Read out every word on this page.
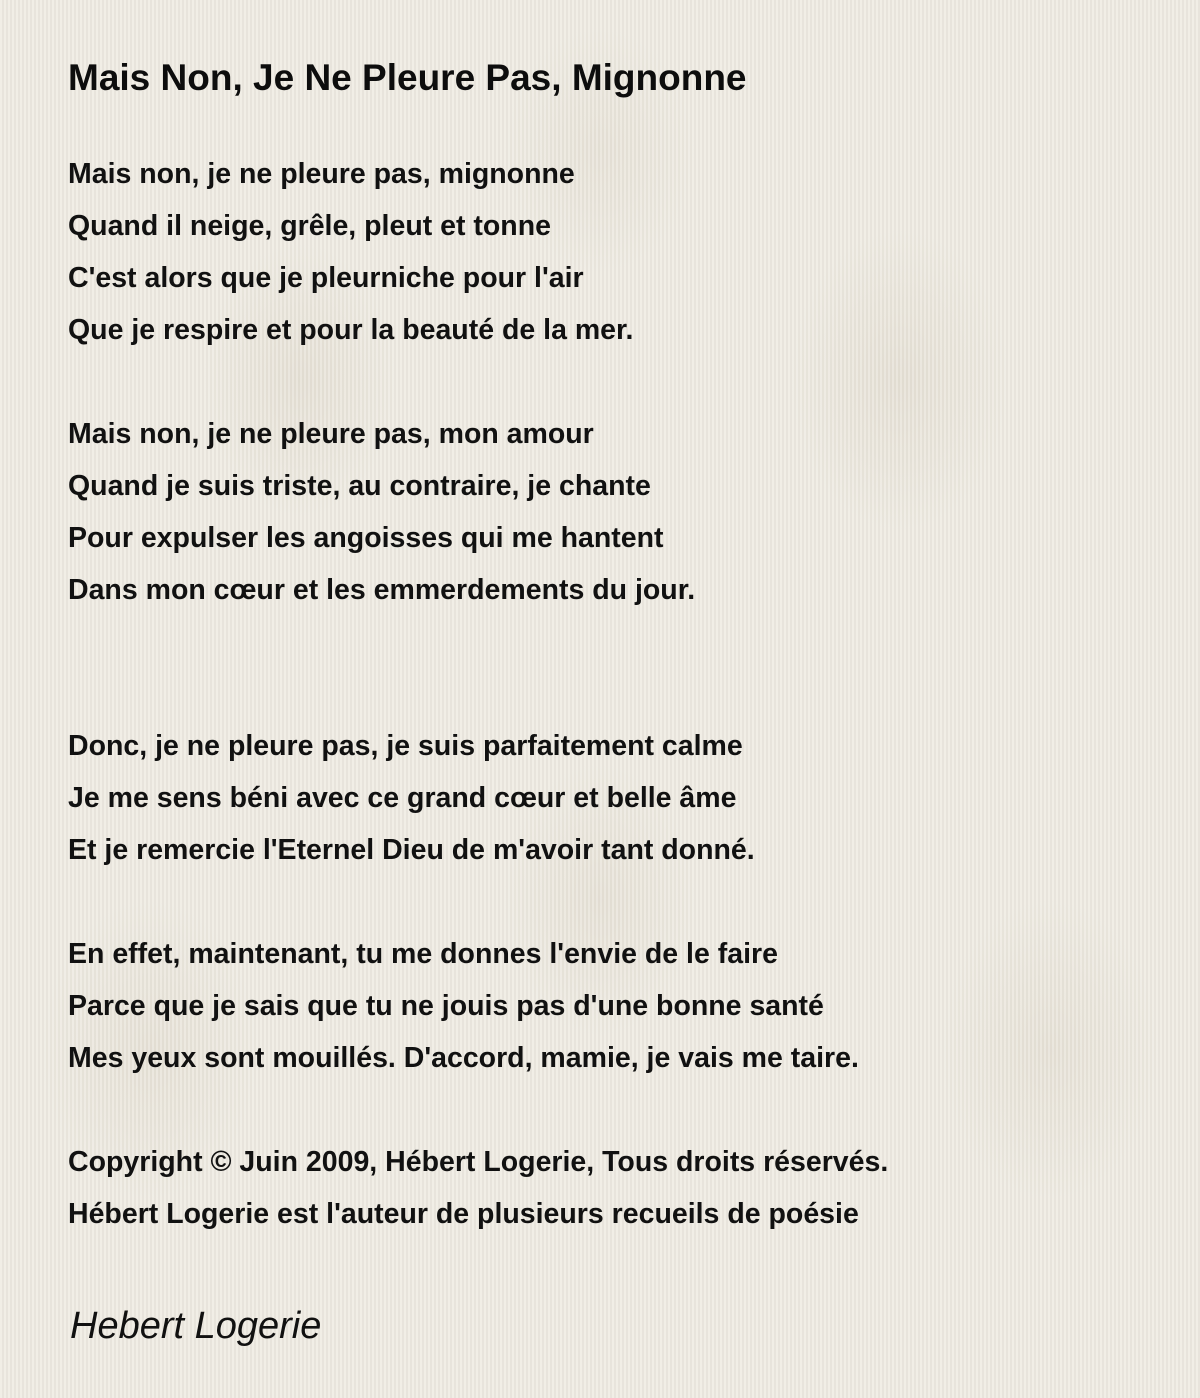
Mais Non, Je Ne Pleure Pas, Mignonne
Mais non, je ne pleure pas, mignonne
Quand il neige, grêle, pleut et tonne
C'est alors que je pleurniche pour l'air
Que je respire et pour la beauté de la mer.
Mais non, je ne pleure pas, mon amour
Quand je suis triste, au contraire, je chante
Pour expulser les angoisses qui me hantent
Dans mon cœur et les emmerdements du jour.
Donc, je ne pleure pas, je suis parfaitement calme
Je me sens béni avec ce grand cœur et belle âme
Et je remercie l'Eternel Dieu de m'avoir tant donné.
En effet, maintenant, tu me donnes l'envie de le faire
Parce que je sais que tu ne jouis pas d'une bonne santé
Mes yeux sont mouillés. D'accord, mamie, je vais me taire.
Copyright © Juin 2009, Hébert Logerie, Tous droits réservés.
Hébert Logerie est l'auteur de plusieurs recueils de poésie
Hebert Logerie
